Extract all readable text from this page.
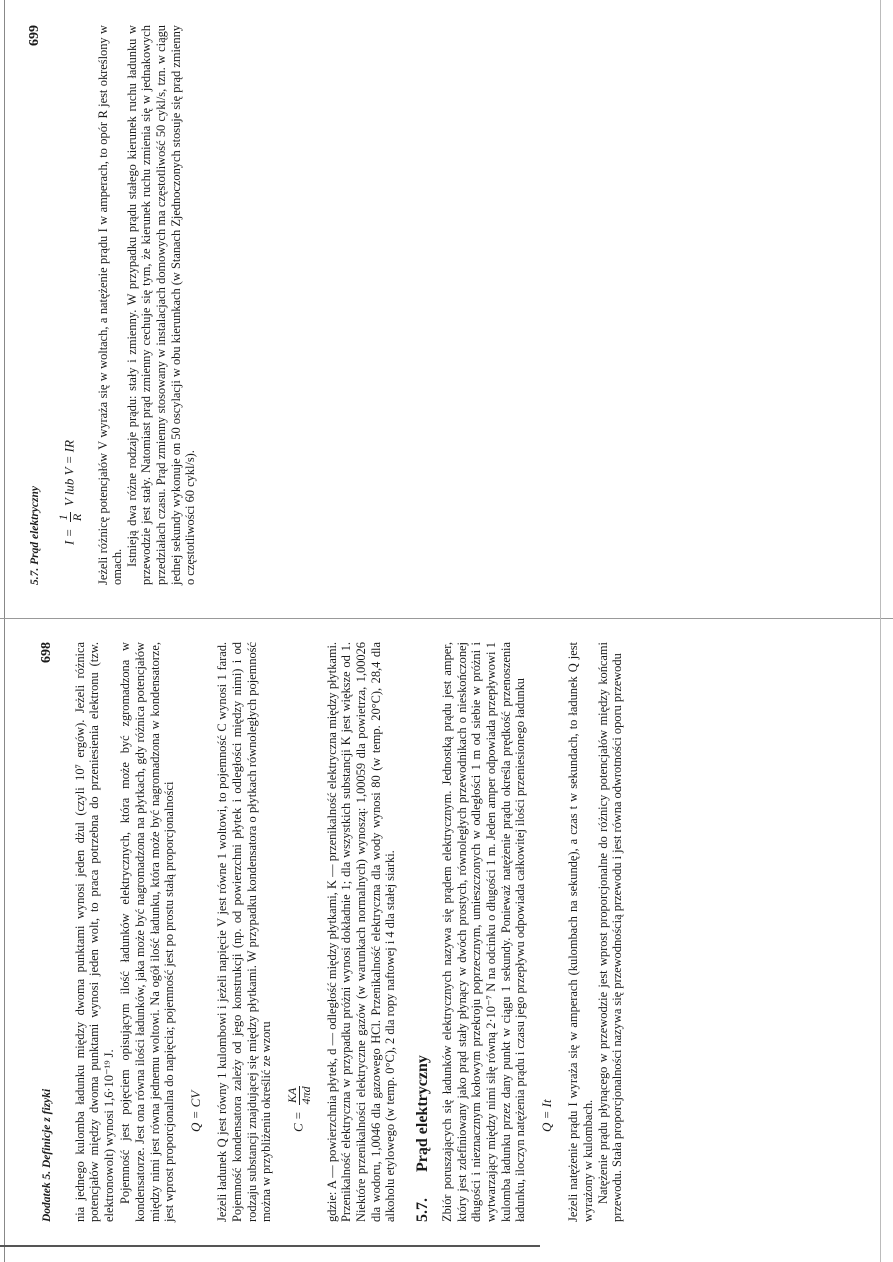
Dodatek 5. Definicje z fizyki
698 nia jednego kulomba ładunku między dwoma punktami wynosi jeden dżul (czyli 10⁷ ergów). Jeżeli różnica potencjałów między dwoma punktami wynosi jeden wolt, to praca potrzebna do przeniesienia elektronu (tzw. elektronowolt) wynosi 1,6·10⁻¹⁹ J. Pojemność jest pojęciem opisującym ilość ładunków elektrycznych, która może być zgromadzona w kondensatorze. Jest ona równa ilości ładunków, jaka może być nagromadzona na płytkach, gdy różnica potencjałów między nimi jest równa jednemu woltowi. Na ogół ilość ładunku, która może być nagromadzona w kondensatorze, jest wprost proporcjonalna do napięcia; pojemność jest po prostu stałą proporcjonalności Q = CV Jeżeli ładunek Q jest równy 1 kulombowi i jeżeli napięcie V jest równe 1 woltowi, to pojemność C wynosi 1 farad. Pojemność kondensatora zależy od jego konstrukcji (np. od powierzchni płytek i odległości między nimi) i od rodzaju substancji znajdującej się między płytkami. W przypadku kondensatora o płytkach równoległych pojemność można w przybliżeniu określić ze wzoru	C =
KA 4πd gdzie: A — powierzchnia płytek, d — odległość między płytkami, K — przenikalność elektryczna między płytkami. Przenikalność elektryczna w przypadku próżni wynosi dokładnie 1; dla wszystkich substancji K jest większe od 1. Niektóre przenikalności elektryczne gazów (w warunkach normalnych) wynoszą: 1,00059 dla powietrza, 1,00026 dla wodoru, 1,0046 dla gazowego HCl. Przenikalność elektryczna dla wody wynosi 80 (w temp. 20°C), 28,4 dla alkoholu etylowego (w temp. 0°C), 2 dla ropy naftowej i 4 dla stałej siarki. 5.7. Prąd elektryczny Zbiór poruszających się ładunków elektrycznych nazywa się prądem elektrycznym. Jednostką prądu jest amper, który jest zdefiniowany jako prąd stały płynący w dwóch prostych, równoległych przewodnikach o nieskończonej długości i nieznacznym kołowym przekroju poprzecznym, umieszczonych w odległości 1 m od siebie w próżni i wytwarzający między nimi siłę równą 2·10⁻⁷ N na odcinku o długości 1 m. Jeden amper odpowiada przepływowi 1 kulomba ładunku przez dany punkt w ciągu 1 sekundy. Ponieważ natężenie prądu określa prędkość przenoszenia ładunku, iloczyn natężenia prądu i czasu jego przepływu odpowiada całkowitej ilości przeniesionego ładunku Q = It Jeżeli natężenie prądu I wyraża się w amperach (kulombach na sekundę), a czas t w sekundach, to ładunek Q jest wyrażony w kulombach. Natężenie prądu płynącego w przewodzie jest wprost proporcjonalne do różnicy potencjałów między końcami przewodu. Stała proporcjonalności nazywa się przewodnością przewodu i jest równa odwrotności oporu przewodu

5.7. Prąd elektryczny
699
I =
1 R
V lub V = IR	Jeżeli różnicę potencjałów V wyraża się w woltach, a natężenie prądu I w amperach, to opór R jest określony w omach. Istnieją dwa różne rodzaje prądu: stały i zmienny. W przypadku prądu stałego kierunek ruchu ładunku w przewodzie jest stały. Natomiast prąd zmienny cechuje się tym, że kierunek ruchu zmienia się w jednakowych przedziałach czasu. Prąd zmienny stosowany w instalacjach domowych ma częstotliwość 50 cykl/s, tzn. w ciągu jednej sekundy wykonuje on 50 oscylacji w obu kierunkach (w Stanach Zjednoczonych stosuje się prąd zmienny o częstotliwości 60 cykl/s).
